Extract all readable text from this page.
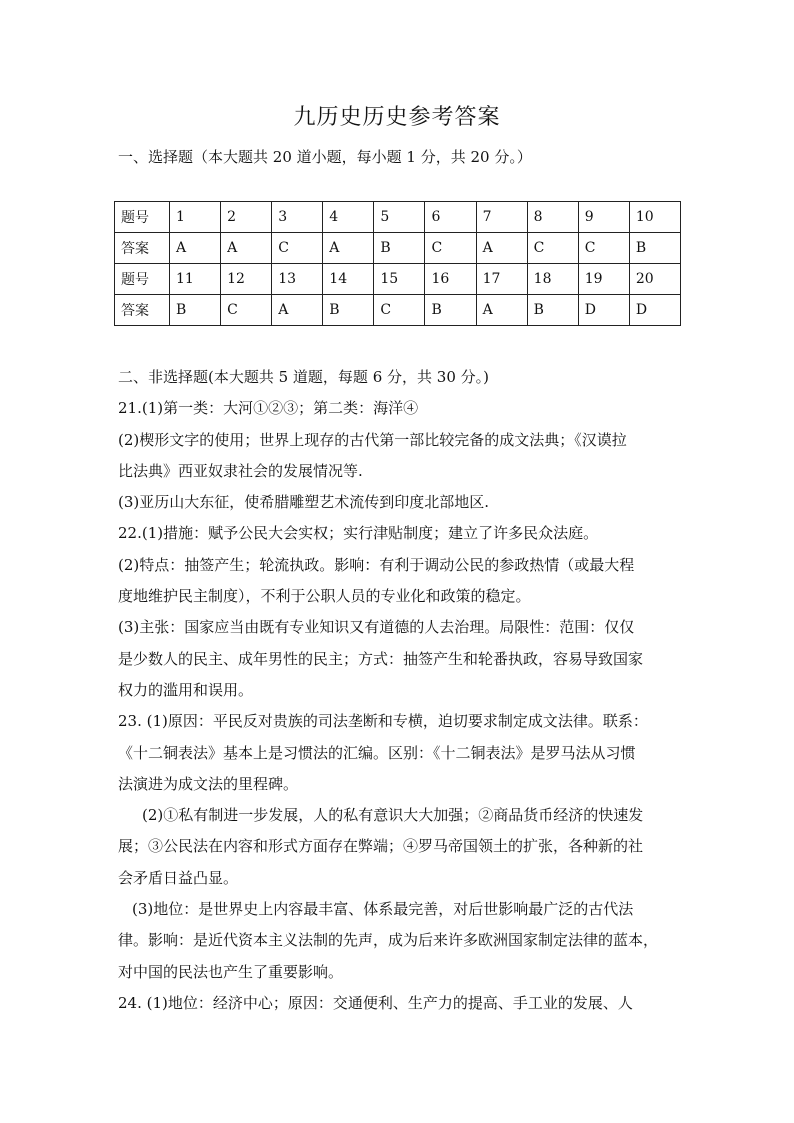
九历史历史参考答案
一、选择题（本大题共 20 道小题，每小题 1 分，共 20 分。）
题号	1	2	3	4	5	6	7	8	9	10
答案	A	A	C	A	B	C	A	C	C	B
题号	11	12	13	14	15	16	17	18	19	20
答案	B	C	A	B	C	B	A	B	D	D
二、非选择题(本大题共 5 道题，每题 6 分，共 30 分。)
21.(1)第一类：大河①②③；第二类：海洋④
(2)楔形文字的使用；世界上现存的古代第一部比较完备的成文法典；《汉谟拉
比法典》西亚奴隶社会的发展情况等.
(3)亚历山大东征，使希腊雕塑艺术流传到印度北部地区.
22.(1)措施：赋予公民大会实权；实行津贴制度；建立了许多民众法庭。
(2)特点：抽签产生；轮流执政。影响：有利于调动公民的参政热情（或最大程
度地维护民主制度），不利于公职人员的专业化和政策的稳定。
(3)主张：国家应当由既有专业知识又有道德的人去治理。局限性：范围：仅仅
是少数人的民主、成年男性的民主；方式：抽签产生和轮番执政，容易导致国家
权力的滥用和误用。
23. (1)原因：平民反对贵族的司法垄断和专横，迫切要求制定成文法律。联系：
《十二铜表法》基本上是习惯法的汇编。区别：《十二铜表法》是罗马法从习惯
法演进为成文法的里程碑。
(2)①私有制进一步发展，人的私有意识大大加强；②商品货币经济的快速发
展；③公民法在内容和形式方面存在弊端；④罗马帝国领土的扩张，各种新的社
会矛盾日益凸显。
(3)地位：是世界史上内容最丰富、体系最完善，对后世影响最广泛的古代法
律。影响：是近代资本主义法制的先声，成为后来许多欧洲国家制定法律的蓝本，
对中国的民法也产生了重要影响。
24. (1)地位：经济中心；原因：交通便利、生产力的提高、手工业的发展、人
